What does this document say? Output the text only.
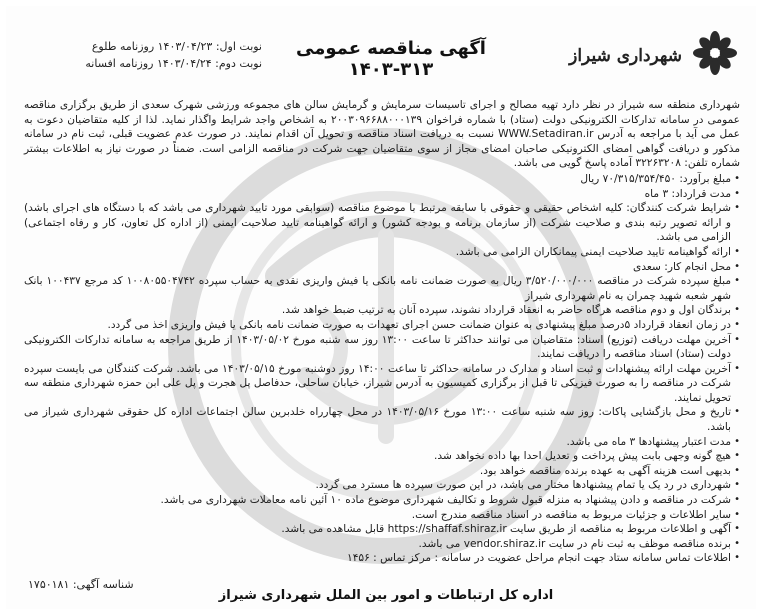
شهرداری شیراز
آگهی مناقصه عمومی ۳۱۳-۱۴۰۳
نوبت اول: ۱۴۰۳/۰۴/۲۳ روزنامه طلوع
نوبت دوم: ۱۴۰۳/۰۴/۲۴ روزنامه افسانه

شهرداری منطقه سه شیراز در نظر دارد تهیه مصالح و اجرای تاسیسات سرمایش و گرمایش سالن های مجموعه ورزشی شهرک سعدی از طریق برگزاری مناقصه عمومی در سامانه تدارکات الکترونیکی دولت (ستاد) با شماره فراخوان ۲۰۰۳۰۹۶۶۸۸۰۰۰۱۳۹ به اشخاص واجد شرایط واگذار نماید. لذا از کلیه متقاضیان دعوت به عمل می آید با مراجعه به آدرس WWW.Setadiran.ir نسبت به دریافت اسناد مناقصه و تحویل آن اقدام نمایند. در صورت عدم عضویت قبلی، ثبت نام در سامانه مذکور و دریافت گواهی امضای الکترونیکی صاحبان امضای مجاز از سوی متقاضیان جهت شرکت در مناقصه الزامی است. ضمناً در صورت نیاز به اطلاعات بیشتر شماره تلفن: ۳۲۲۶۳۲۰۸ آماده پاسخ گویی می باشد.

• مبلغ برآورد: ۷۰/۳۱۵/۳۵۴/۴۵۰ ریال
• مدت قرارداد: ۳ ماه
• شرایط شرکت کنندگان: کلیه اشخاص حقیقی و حقوقی با سابقه مرتبط با موضوع مناقصه (سوابقی مورد تایید شهرداری می باشد که با دستگاه های اجرای باشد) و ارائه تصویر رتبه بندی و صلاحیت شرکت (از سازمان برنامه و بودجه کشور) و ارائه گواهینامه تایید صلاحیت ایمنی (از اداره کل تعاون، کار و رفاه اجتماعی) الزامی می باشد.
• ارائه گواهینامه تایید صلاحیت ایمنی پیمانکاران الزامی می باشد.
• محل انجام کار: سعدی
• مبلغ سپرده شرکت در مناقصه ۳/۵۲۰/۰۰۰/۰۰۰ ریال به صورت ضمانت نامه بانکی یا فیش واریزی نقدی به حساب سپرده ۱۰۰۸۰۵۵۰۴۷۴۲ کد مرجع ۱۰۰۴۳۷ بانک شهر شعبه شهید چمران به نام شهرداری شیراز
• برندگان اول و دوم مناقصه هرگاه حاضر به انعقاد قرارداد نشوند، سپرده آنان به ترتیب ضبط خواهد شد.
• در زمان انعقاد قرارداد ۵درصد مبلغ پیشنهادی به عنوان ضمانت حسن اجرای تعهدات به صورت ضمانت نامه بانکی یا فیش واریزی اخذ می گردد.
• آخرین مهلت دریافت (توزیع) اسناد: متقاضیان می توانند حداکثر تا ساعت ۱۳:۰۰ روز سه شنبه مورخ ۱۴۰۳/۰۵/۰۲ از طریق مراجعه به سامانه تدارکات الکترونیکی دولت (ستاد) اسناد مناقصه را دریافت نمایند.
• آخرین مهلت ارائه پیشنهادات و ثبت اسناد و مدارک در سامانه حداکثر تا ساعت ۱۴:۰۰ روز دوشنبه مورخ ۱۴۰۳/۰۵/۱۵ می باشد. شرکت کنندگان می بایست سپرده شرکت در مناقصه را به صورت فیزیکی تا قبل از برگزاری کمیسیون به آدرس شیراز، خیابان ساحلی، حدفاصل پل هجرت و پل علی ابن حمزه شهرداری منطقه سه تحویل نمایند.
• تاریخ و محل بازگشایی پاکات: روز سه شنبه ساعت ۱۳:۰۰ مورخ ۱۴۰۳/۰۵/۱۶ در محل چهارراه خلدبرین سالن اجتماعات اداره کل حقوقی شهرداری شیراز می باشد.
• مدت اعتبار پیشنهادها ۳ ماه می باشد.
• هیچ گونه وجهی بابت پیش پرداخت و تعدیل احدا بها داده نخواهد شد.
• بدیهی است هزینه آگهی به عهده برنده مناقصه خواهد بود.
• شهرداری در رد یک یا تمام پیشنهادها مختار می باشد، در این صورت سپرده ها مسترد می گردد.
• شرکت در مناقصه و دادن پیشنهاد به منزله قبول شروط و تکالیف شهرداری موضوع ماده ۱۰ آئین نامه معاملات شهرداری می باشد.
• سایر اطلاعات و جزئیات مربوط به مناقصه در اسناد مناقصه مندرج است.
• آگهی و اطلاعات مربوط به مناقصه از طریق سایت https://shaffaf.shiraz.ir قابل مشاهده می باشد.
• برنده مناقصه موظف به ثبت نام در سایت vendor.shiraz.ir می باشد.
• اطلاعات تماس سامانه ستاد جهت انجام مراحل عضویت در سامانه : مرکز تماس : ۱۴۵۶
شناسه آگهی: ۱۷۵۰۱۸۱
اداره کل ارتباطات و امور بین الملل شهرداری شیراز
